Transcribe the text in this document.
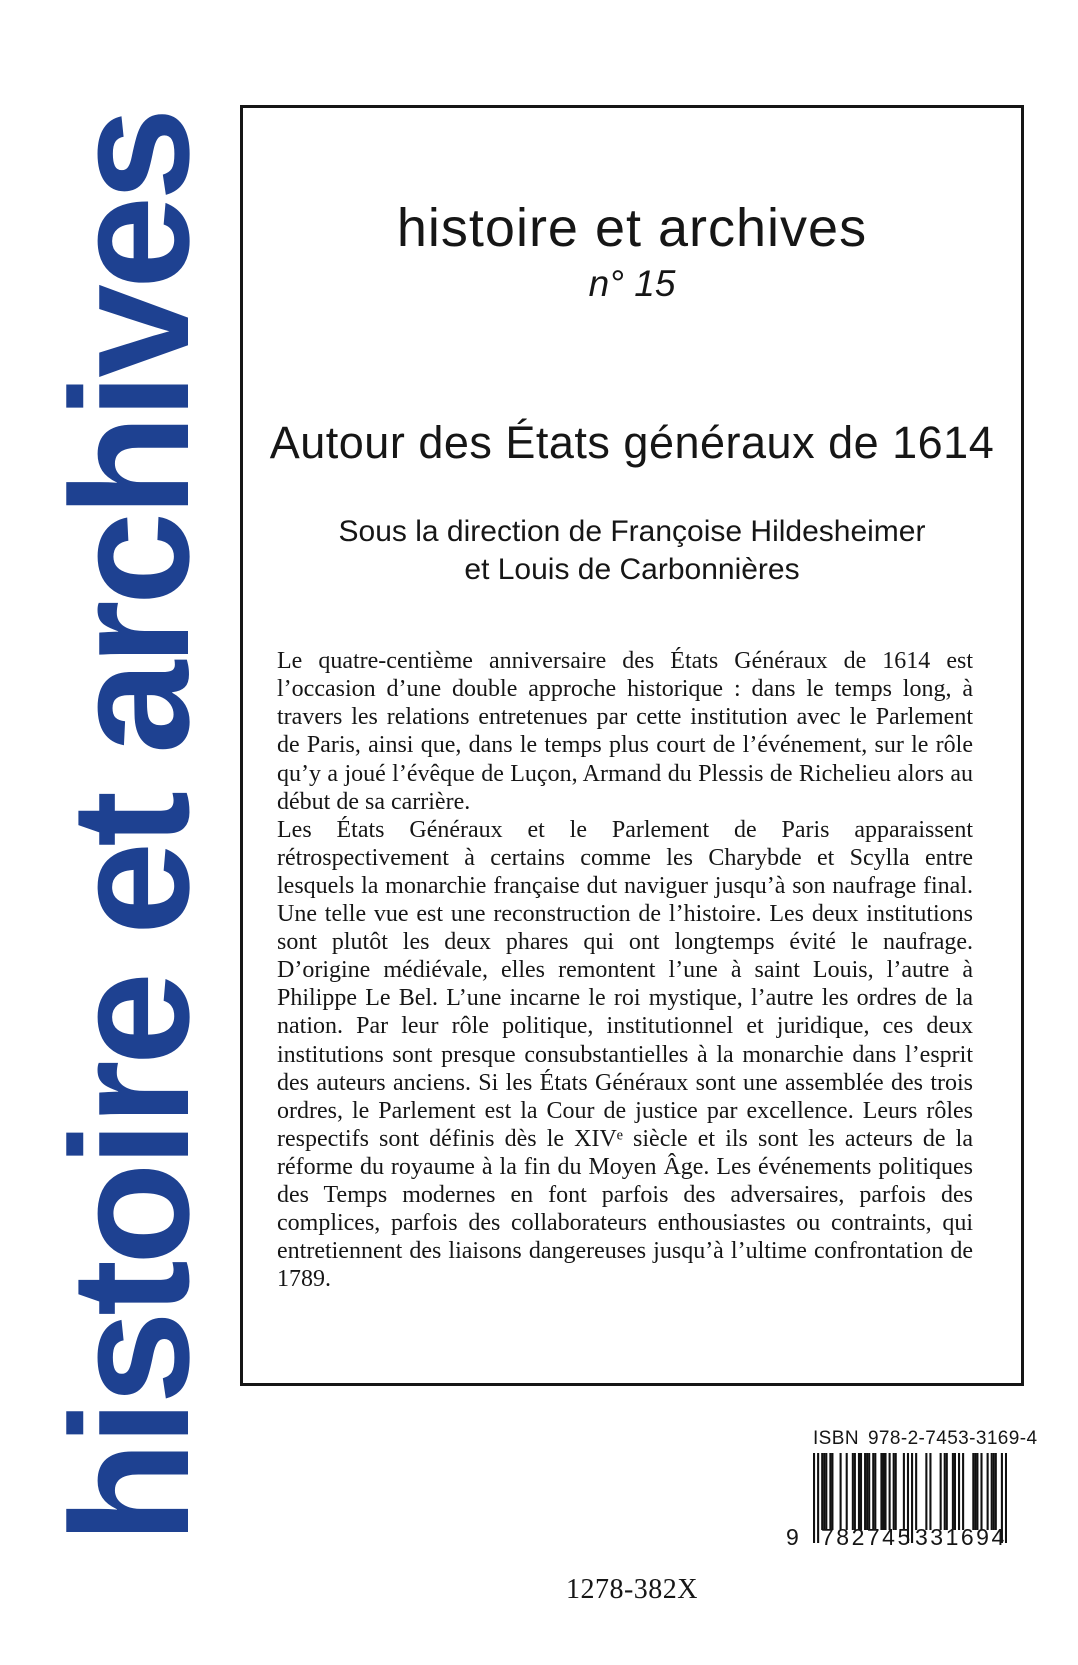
histoire et archives	histoire et archives
n° 15
Autour des États généraux de 1614
Sous la direction de Françoise Hildesheimer
et Louis de Carbonnières

Le quatre-centième anniversaire des États Généraux de 1614 est l’occasion d’une double approche historique : dans le temps long, à travers les relations entretenues par cette institution avec le Parlement de Paris, ainsi que, dans le temps plus court de l’événement, sur le rôle qu’y a joué l’évêque de Luçon, Armand du Plessis de Richelieu alors au début de sa carrière.

Les États Généraux et le Parlement de Paris apparaissent rétrospectivement à certains comme les Charybde et Scylla entre lesquels la monarchie française dut naviguer jusqu’à son naufrage final. Une telle vue est une reconstruction de l’histoire. Les deux institutions sont plutôt les deux phares qui ont longtemps évité le naufrage. D’origine médiévale, elles remontent l’une à saint Louis, l’autre à Philippe Le Bel. L’une incarne le roi mystique, l’autre les ordres de la nation. Par leur rôle politique, institutionnel et juridique, ces deux institutions sont presque consubstantielles à la monarchie dans l’esprit des auteurs anciens. Si les États Généraux sont une assemblée des trois ordres, le Parlement est la Cour de justice par excellence. Leurs rôles respectifs sont définis dès le XIVᵉ siècle et ils sont les acteurs de la réforme du royaume à la fin du Moyen Âge. Les événements politiques des Temps modernes en font parfois des adversaires, parfois des complices, parfois des collaborateurs enthousiastes ou contraints, qui entretiennent des liaisons dangereuses jusqu’à l’ultime confrontation de 1789.

ISBN 978-2-7453-3169-4
9 782745 331694
1278-382X
